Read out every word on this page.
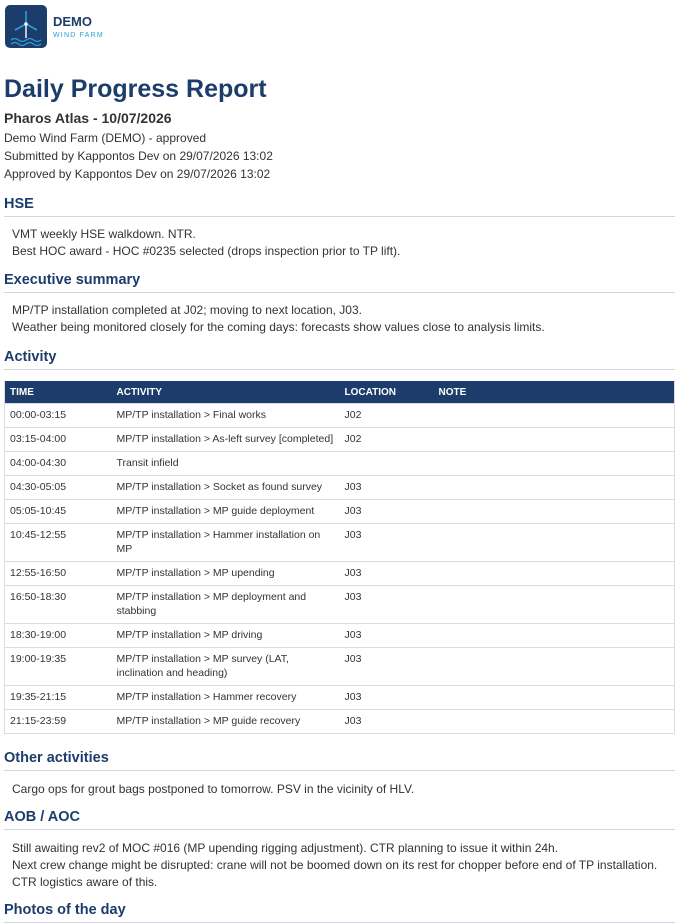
DEMO
WIND FARM
Daily Progress Report
Pharos Atlas - 10/07/2026
Demo Wind Farm (DEMO) - approved
Submitted by Kappontos Dev on 29/07/2026 13:02
Approved by Kappontos Dev on 29/07/2026 13:02
HSE
VMT weekly HSE walkdown. NTR.
Best HOC award - HOC #0235 selected (drops inspection prior to TP lift).
Executive summary
MP/TP installation completed at J02; moving to next location, J03.
Weather being monitored closely for the coming days: forecasts show values close to analysis limits.
Activity
TIME	ACTIVITY	LOCATION	NOTE
00:00-03:15	MP/TP installation > Final works	J02	
03:15-04:00	MP/TP installation > As-left survey [completed]	J02	
04:00-04:30	Transit infield		
04:30-05:05	MP/TP installation > Socket as found survey	J03	
05:05-10:45	MP/TP installation > MP guide deployment	J03	
10:45-12:55	MP/TP installation > Hammer installation on MP	J03	
12:55-16:50	MP/TP installation > MP upending	J03	
16:50-18:30	MP/TP installation > MP deployment and stabbing	J03	
18:30-19:00	MP/TP installation > MP driving	J03	
19:00-19:35	MP/TP installation > MP survey (LAT, inclination and heading)	J03	
19:35-21:15	MP/TP installation > Hammer recovery	J03	
21:15-23:59	MP/TP installation > MP guide recovery	J03	
Other activities
Cargo ops for grout bags postponed to tomorrow. PSV in the vicinity of HLV.
AOB / AOC
Still awaiting rev2 of MOC #016 (MP upending rigging adjustment). CTR planning to issue it within 24h.
Next crew change might be disrupted: crane will not be boomed down on its rest for chopper before end of TP installation.
CTR logistics aware of this.
Photos of the day
